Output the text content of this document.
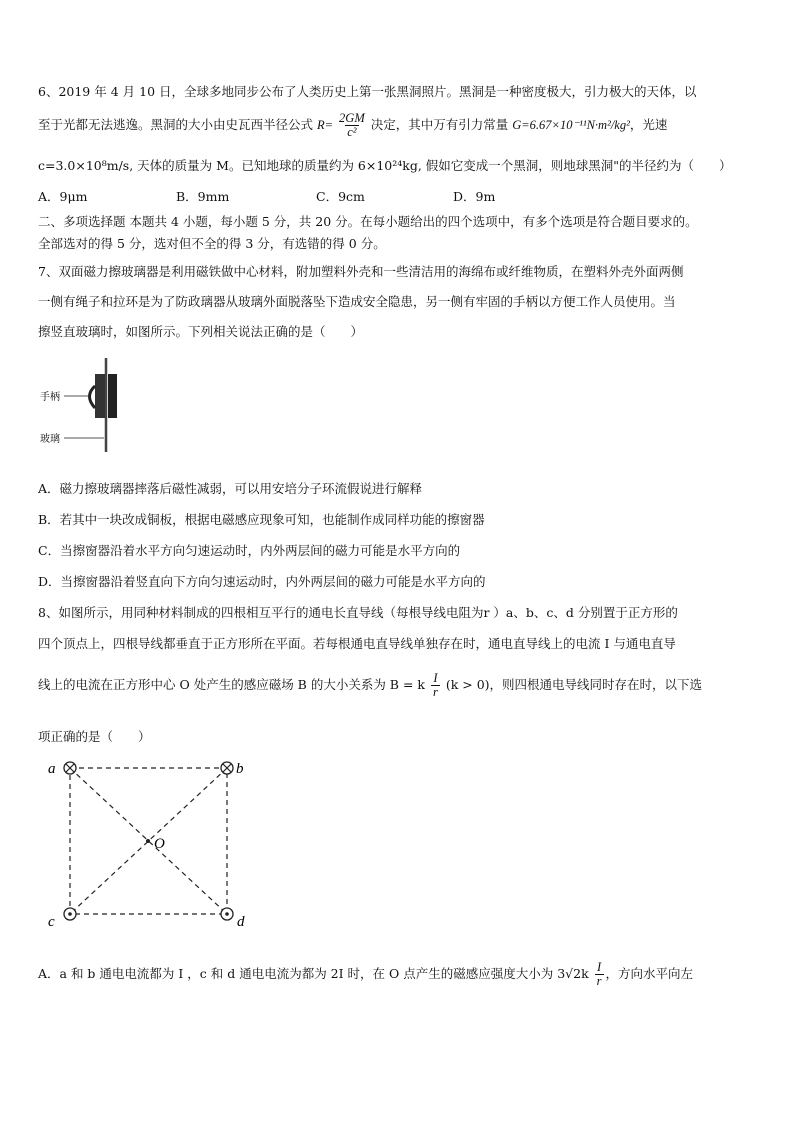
6、2019 年 4 月 10 日，全球多地同步公布了人类历史上第一张黑洞照片。黑洞是一种密度极大，引力极大的天体，以
至于光都无法逃逸。黑洞的大小由史瓦西半径公式 $R= \frac{2GM}{\text{c²}}$ 决定，其中万有引力常量 G=6.67×10⁻¹¹N·m²/kg²，光速
c=3.0×10⁸m/s, 天体的质量为 M。已知地球的质量约为 6×10²⁴kg, 假如它变成一个黑洞，则地球黑洞"的半径约为（　　）
A．9μm	B．9mm	C．9cm	D．9m
二、多项选择题 本题共 4 小题，每小题 5 分，共 20 分。在每小题给出的四个选项中，有多个选项是符合题目要求的。
全部选对的得 5 分，选对但不全的得 3 分，有选错的得 0 分。
7、双面磁力擦玻璃器是利用磁铁做中心材料，附加塑料外壳和一些清洁用的海绵布或纤维物质，在塑料外壳外面两侧
一侧有绳子和拉环是为了防政璃器从玻璃外面脱落坠下造成安全隐患，另一侧有牢固的手柄以方便工作人员使用。当
擦竖直玻璃时，如图所示。下列相关说法正确的是（　　）
手柄
玻璃
A．磁力擦玻璃器摔落后磁性减弱，可以用安培分子环流假说进行解释
B．若其中一块改成铜板，根据电磁感应现象可知，也能制作成同样功能的擦窗器
C．当擦窗器沿着水平方向匀速运动时，内外两层间的磁力可能是水平方向的
D．当擦窗器沿着竖直向下方向匀速运动时，内外两层间的磁力可能是水平方向的
8、如图所示，用同种材料制成的四根相互平行的通电长直导线（每根导线电阻为r ）a、b、c、d 分别置于正方形的
四个顶点上，四根导线都垂直于正方形所在平面。若每根通电直导线单独存在时，通电直导线上的电流 I 与通电直导
线上的电流在正方形中心 O 处产生的感应磁场 B 的大小关系为 B = k $\frac{I}{r} (k > 0)$，则四根通电导线同时存在时，以下选
项正确的是（　　）
a	b
c	d
O
A．a 和 b 通电电流都为 I ，c 和 d 通电电流为都为 2I 时，在 O 点产生的磁感应强度大小为 $3√2k \frac{I}{r}$ ，方向水平向左
